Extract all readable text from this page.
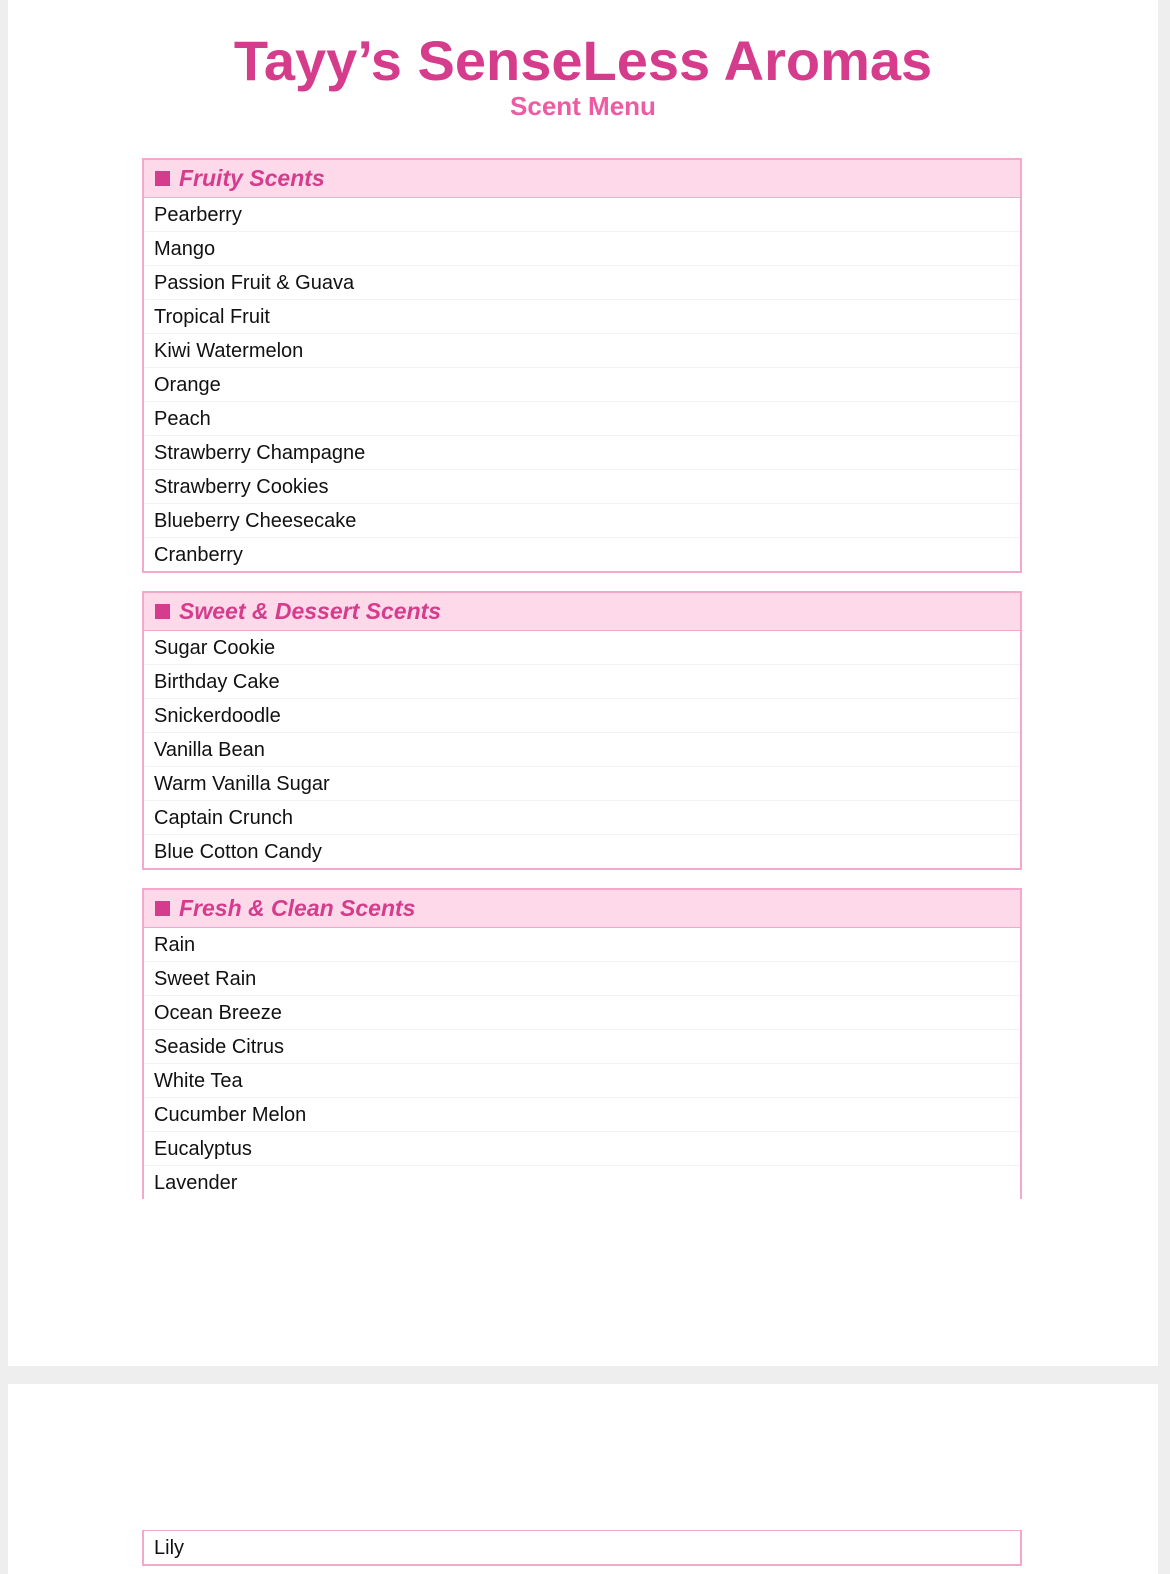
Tayy’s SenseLess Aromas
Scent Menu
Fruity Scents
Pearberry
Mango
Passion Fruit & Guava
Tropical Fruit
Kiwi Watermelon
Orange
Peach
Strawberry Champagne
Strawberry Cookies
Blueberry Cheesecake
Cranberry
Sweet & Dessert Scents
Sugar Cookie
Birthday Cake
Snickerdoodle
Vanilla Bean
Warm Vanilla Sugar
Captain Crunch
Blue Cotton Candy
Fresh & Clean Scents
Rain
Sweet Rain
Ocean Breeze
Seaside Citrus
White Tea
Cucumber Melon
Eucalyptus
Lavender
Lily
